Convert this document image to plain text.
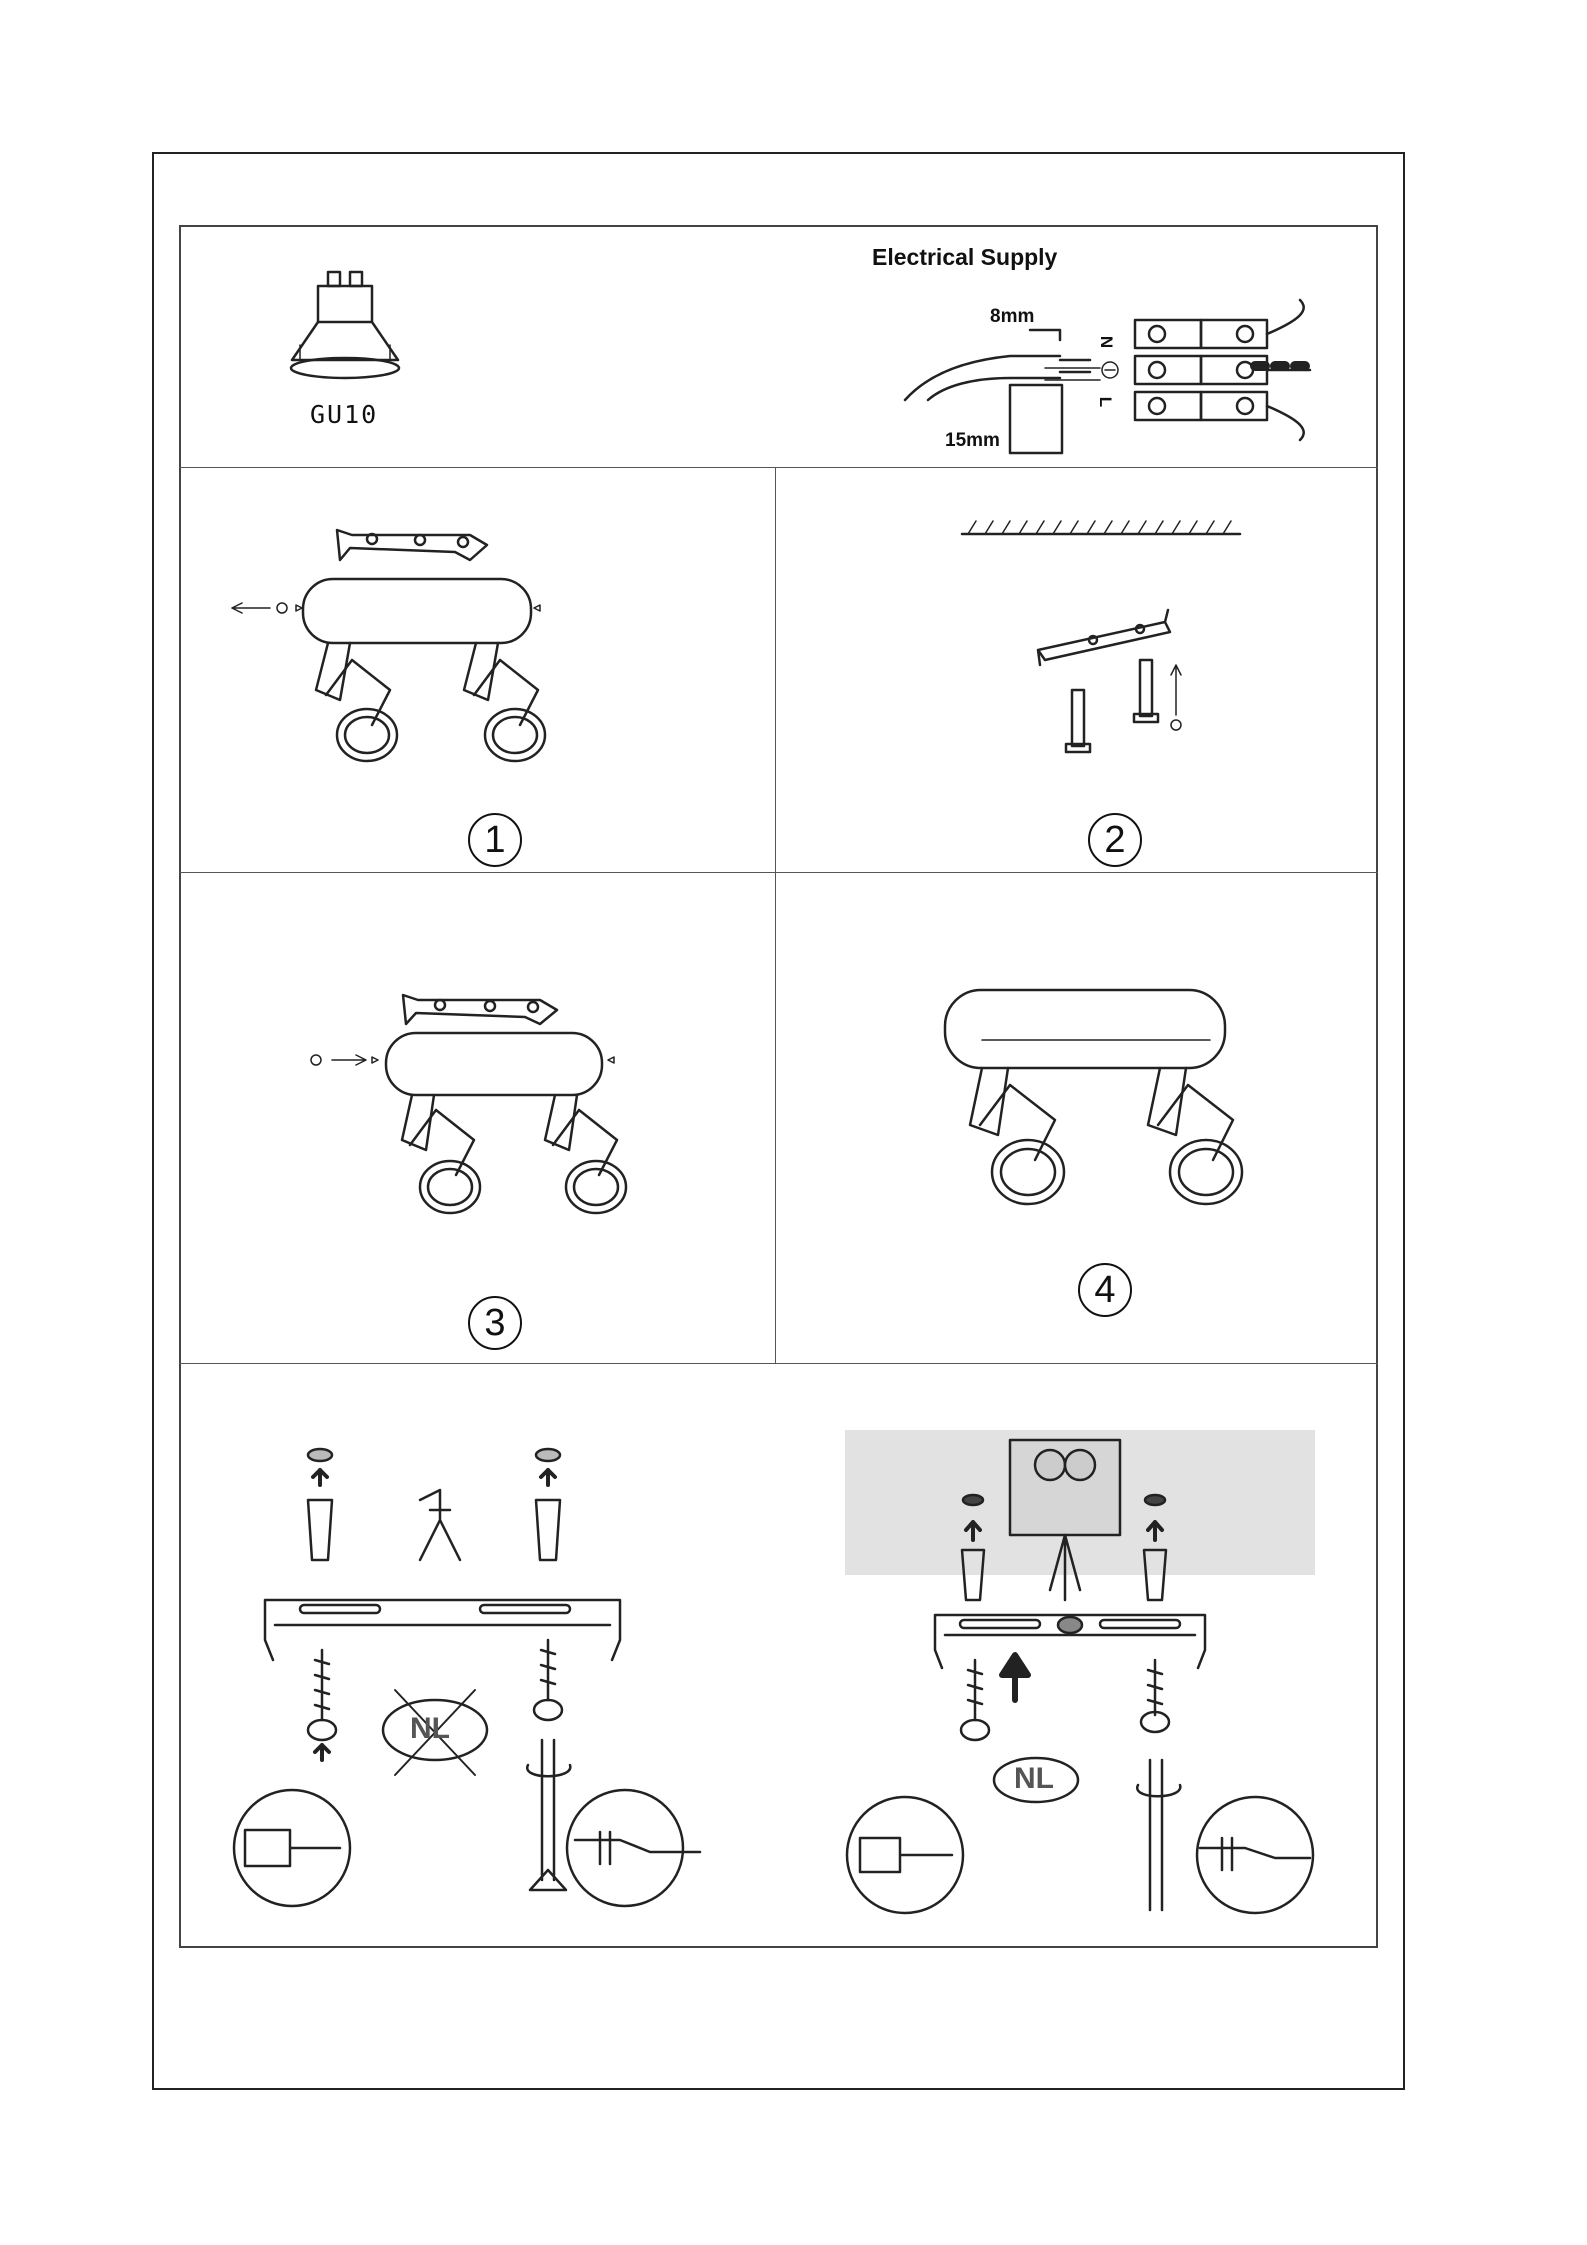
GU10
Electrical Supply
8mm
15mm
N
L
1	2
3
4
NL
NL
